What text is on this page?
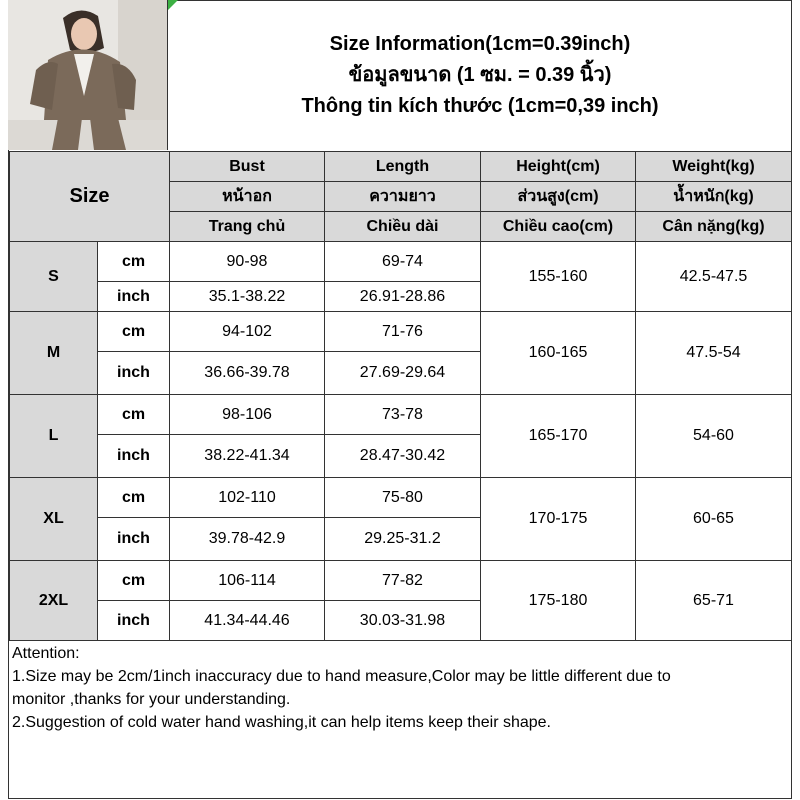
Size Information(1cm=0.39inch)
ข้อมูลขนาด (1 ซม. = 0.39 นิ้ว)
Thông tin kích thước (1cm=0,39 inch)
Size		Bust	Length	Height(cm)	Weight(kg)
		หน้าอก	ความยาว	ส่วนสูง(cm)	น้ำหนัก(kg)
		Trang chủ	Chiều dài	Chiều cao(cm)	Cân nặng(kg)
S	cm	90-98	69-74	155-160	42.5-47.5
	inch	35.1-38.22	26.91-28.86		
M	cm	94-102	71-76	160-165	47.5-54
	inch	36.66-39.78	27.69-29.64		
L	cm	98-106	73-78	165-170	54-60
	inch	38.22-41.34	28.47-30.42		
XL	cm	102-110	75-80	170-175	60-65
	inch	39.78-42.9	29.25-31.2		
2XL	cm	106-114	77-82	175-180	65-71
	inch	41.34-44.46	30.03-31.98		
Attention:
1.Size may be 2cm/1inch inaccuracy due to hand measure,Color may be little different due to
monitor ,thanks for your understanding.
2.Suggestion of cold water hand washing,it can help items keep their shape.
